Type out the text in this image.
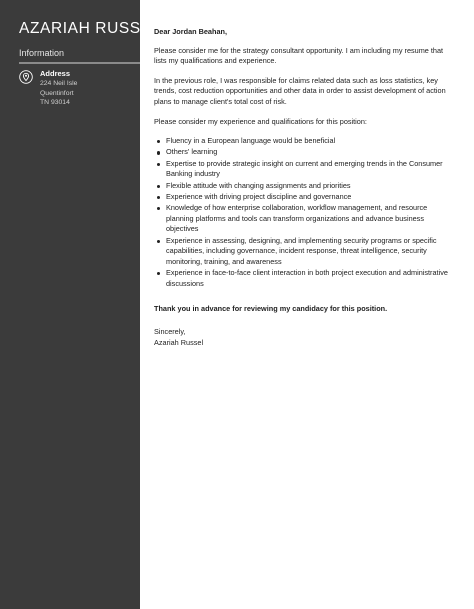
AZARIAH RUSSEL
Information
Address
224 Neil Isle
Quentinfort
TN 93014

Dear Jordan Beahan,

Please consider me for the strategy consultant opportunity. I am including my resume that lists my qualifications and experience.

In the previous role, I was responsible for claims related data such as loss statistics, key trends, cost reduction opportunities and other data in order to assist development of action plans to manage client's total cost of risk.

Please consider my experience and qualifications for this position:

Fluency in a European language would be beneficial
Others' learning
Expertise to provide strategic insight on current and emerging trends in the Consumer Banking industry
Flexible attitude with changing assignments and priorities
Experience with driving project discipline and governance
Knowledge of how enterprise collaboration, workflow management, and resource planning platforms and tools can transform organizations and advance business objectives
Experience in assessing, designing, and implementing security programs or specific capabilities, including governance, incident response, threat intelligence, security monitoring, training, and awareness
Experience in face-to-face client interaction in both project execution and administrative discussions

Thank you in advance for reviewing my candidacy for this position.

Sincerely,

Azariah Russel
